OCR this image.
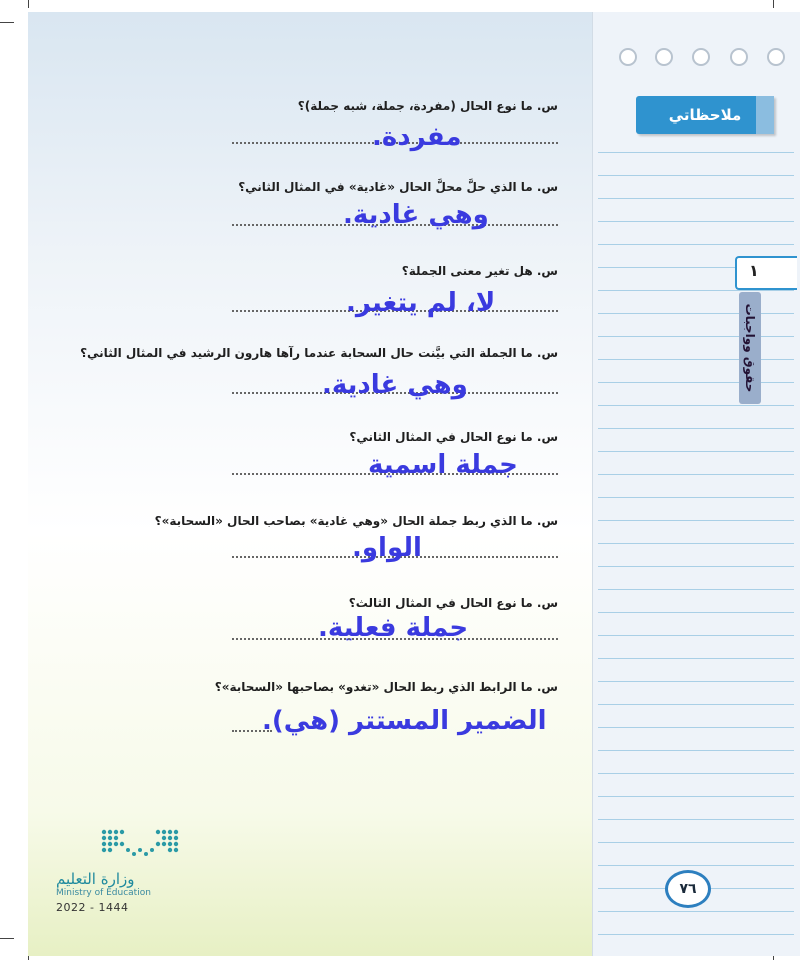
ملاحظاتي
١
حقوق وواجبات
٧٦
س. ما نوع الحال (مفردة، جملة، شبه جملة)؟
مفردة.
س. ما الذي حلَّ محلَّ الحال «غادية» في المثال الثاني؟
وهي غادية.
س. هل تغير معنى الجملة؟
لا، لم يتغير.
س. ما الجملة التي بيَّنت حال السحابة عندما رآها هارون الرشيد في المثال الثاني؟
وهي غادية.
س. ما نوع الحال في المثال الثاني؟
جملة اسمية
س. ما الذي ربط جملة الحال «وهي غادية» بصاحب الحال «السحابة»؟
الواو.
س. ما نوع الحال في المثال الثالث؟
جملة فعلية.
س. ما الرابط الذي ربط الحال «تغدو» بصاحبها «السحابة»؟
الضمير المستتر (هي).
وزارة التعليم
Ministry of Education
2022 - 1444
